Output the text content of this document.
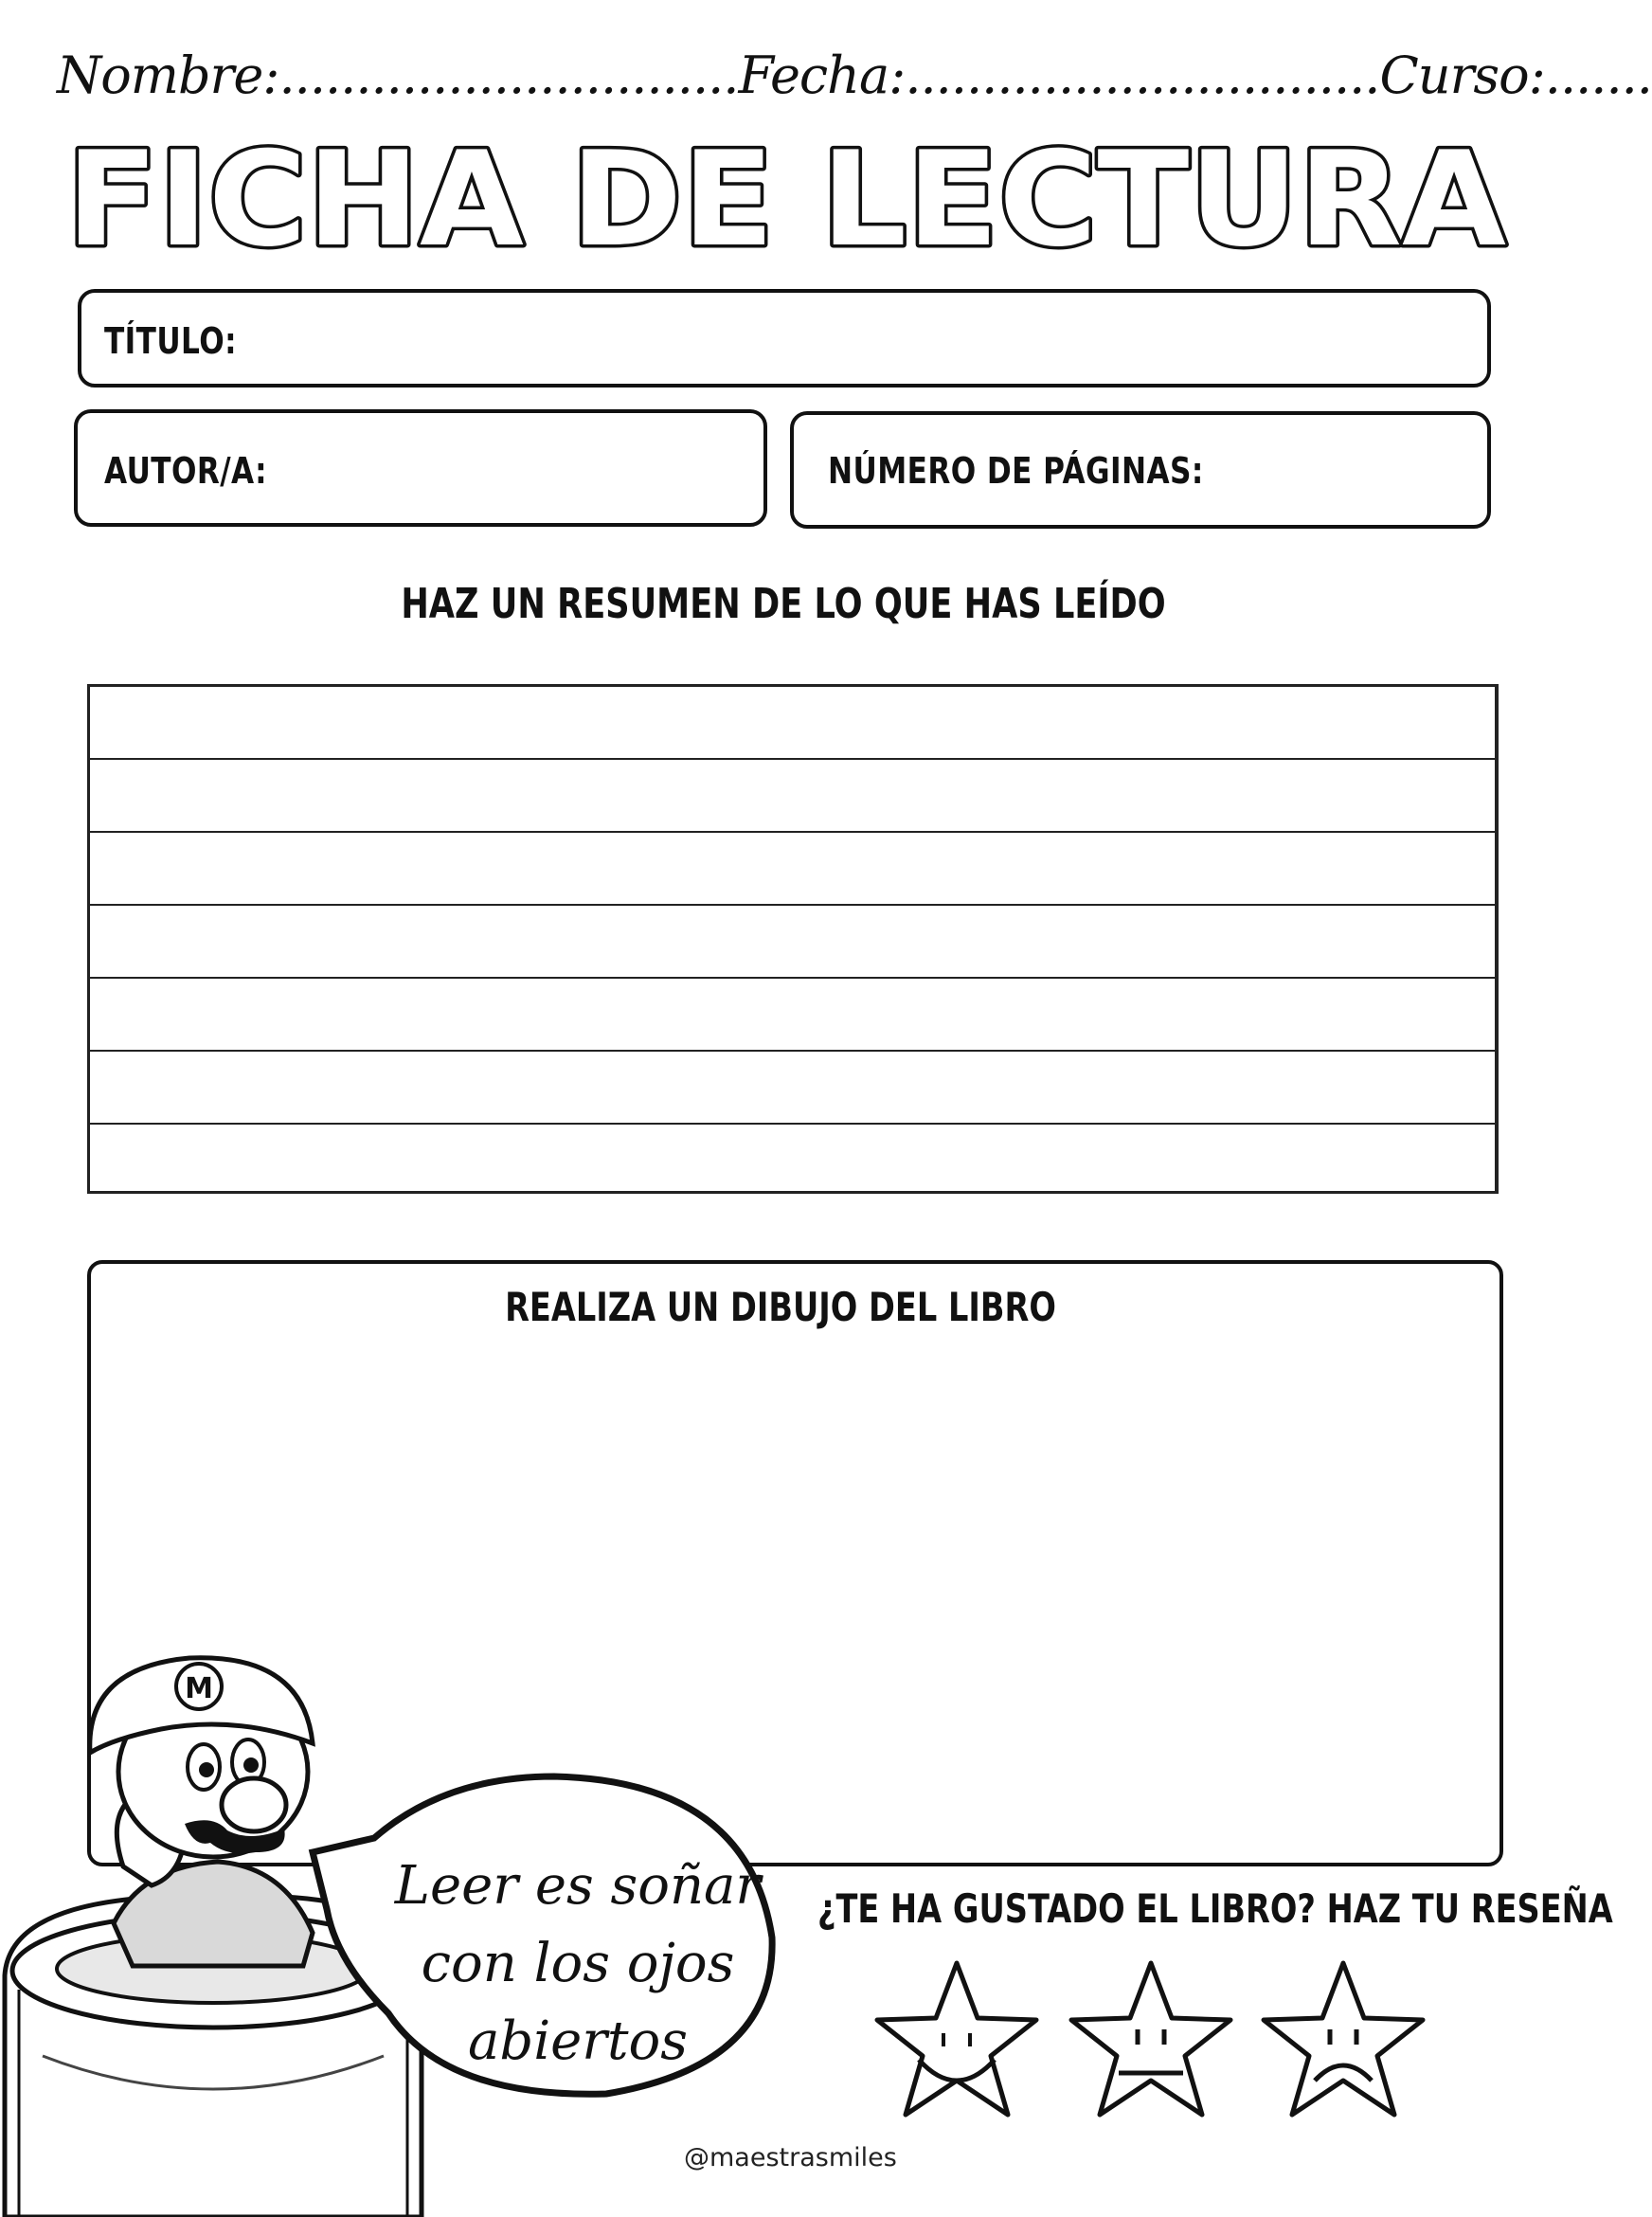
Nombre:..............................Fecha:...............................Curso:.......
FICHA DE LECTURA
TÍTULO:
AUTOR/A:	NÚMERO DE PÁGINAS:
HAZ UN RESUMEN DE LO QUE HAS LEÍDO
REALIZA UN DIBUJO DEL LIBRO
M
Leer es soñar
con los ojos
abiertos
¿TE HA GUSTADO EL LIBRO? HAZ TU RESEÑA
@maestrasmiles
